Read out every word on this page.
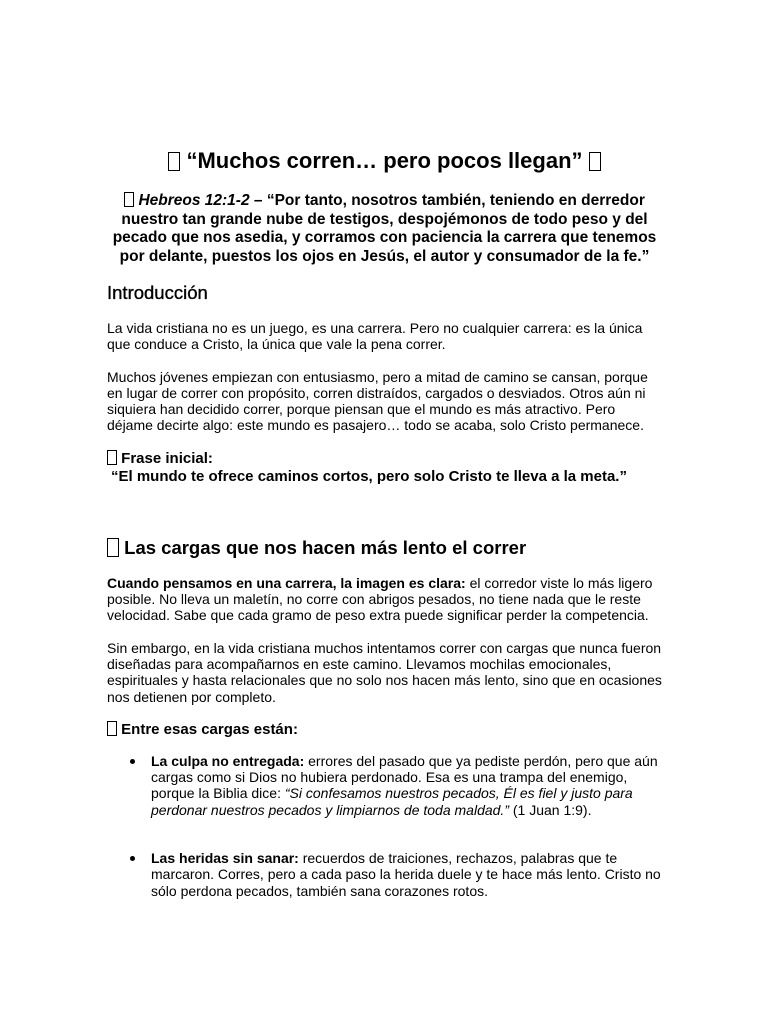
“Muchos corren… pero pocos llegan”

Hebreos 12:1-2 – “Por tanto, nosotros también, teniendo en derredor nuestro tan grande nube de testigos, despojémonos de todo peso y del pecado que nos asedia, y corramos con paciencia la carrera que tenemos por delante, puestos los ojos en Jesús, el autor y consumador de la fe.”

Introducción

La vida cristiana no es un juego, es una carrera. Pero no cualquier carrera: es la única que conduce a Cristo, la única que vale la pena correr.

Muchos jóvenes empiezan con entusiasmo, pero a mitad de camino se cansan, porque en lugar de correr con propósito, corren distraídos, cargados o desviados. Otros aún ni siquiera han decidido correr, porque piensan que el mundo es más atractivo. Pero déjame decirte algo: este mundo es pasajero… todo se acaba, solo Cristo permanece.

Frase inicial:

“El mundo te ofrece caminos cortos, pero solo Cristo te lleva a la meta.”

Las cargas que nos hacen más lento el correr

Cuando pensamos en una carrera, la imagen es clara: el corredor viste lo más ligero posible. No lleva un maletín, no corre con abrigos pesados, no tiene nada que le reste velocidad. Sabe que cada gramo de peso extra puede significar perder la competencia.

Sin embargo, en la vida cristiana muchos intentamos correr con cargas que nunca fueron diseñadas para acompañarnos en este camino. Llevamos mochilas emocionales, espirituales y hasta relacionales que no solo nos hacen más lento, sino que en ocasiones nos detienen por completo.

Entre esas cargas están:

La culpa no entregada: errores del pasado que ya pediste perdón, pero que aún cargas como si Dios no hubiera perdonado. Esa es una trampa del enemigo, porque la Biblia dice: “Si confesamos nuestros pecados, Él es fiel y justo para perdonar nuestros pecados y limpiarnos de toda maldad.” (1 Juan 1:9).
Las heridas sin sanar: recuerdos de traiciones, rechazos, palabras que te marcaron. Corres, pero a cada paso la herida duele y te hace más lento. Cristo no sólo perdona pecados, también sana corazones rotos.
